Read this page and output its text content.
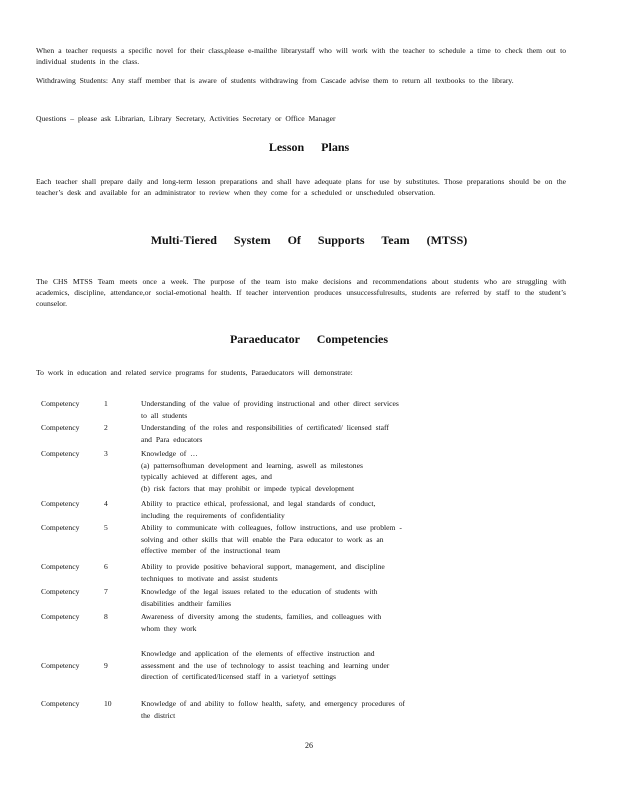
When a teacher requests a specific novel for their class,please e-mailthe librarystaff who will work with the teacher to schedule a time to check them out to individual students in the class.
Withdrawing Students: Any staff member that is aware of students withdrawing from Cascade advise them to return all textbooks to the library.
Questions – please ask Librarian, Library Secretary, Activities Secretary or Office Manager
Lesson Plans
Each teacher shall prepare daily and long-term lesson preparations and shall have adequate plans for use by substitutes. Those preparations should be on the teacher’s desk and available for an administrator to review when they come for a scheduled or unscheduled observation.
Multi-Tiered System Of Supports Team (MTSS)
The CHS MTSS Team meets once a week. The purpose of the team isto make decisions and recommendations about students who are struggling with academics, discipline, attendance,or social-emotional health. If teacher intervention produces unsuccessfulresults, students are referred by staff to the student’s counselor.
Paraeducator Competencies
To work in education and related service programs for students, Paraeducators will demonstrate:
Competency	1	Understanding of the value of providing instructional and other direct services
to all students
Competency	2	Understanding of the roles and responsibilities of certificated/ licensed staff
and Para educators
Competency	3	Knowledge of …
(a) patternsofhuman development and learning, aswell as milestones
typically achieved at different ages, and
(b) risk factors that may prohibit or impede typical development
Competency	4	Ability to practice ethical, professional, and legal standards of conduct,
including the requirements of confidentiality
Competency	5	Ability to communicate with colleagues, follow instructions, and use problem -
solving and other skills that will enable the Para educator to work as an
effective member of the instructional team
Competency	6	Ability to provide positive behavioral support, management, and discipline
techniques to motivate and assist students
Competency	7	Knowledge of the legal issues related to the education of students with
disabilities andtheir families
Competency	8	Awareness of diversity among the students, families, and colleagues with
whom they work
Competency	9
Knowledge and application of the elements of effective instruction and
assessment and the use of technology to assist teaching and learning under
direction of certificated/licensed staff in a varietyof settings
Competency	10	Knowledge of and ability to follow health, safety, and emergency procedures of
the district
26
